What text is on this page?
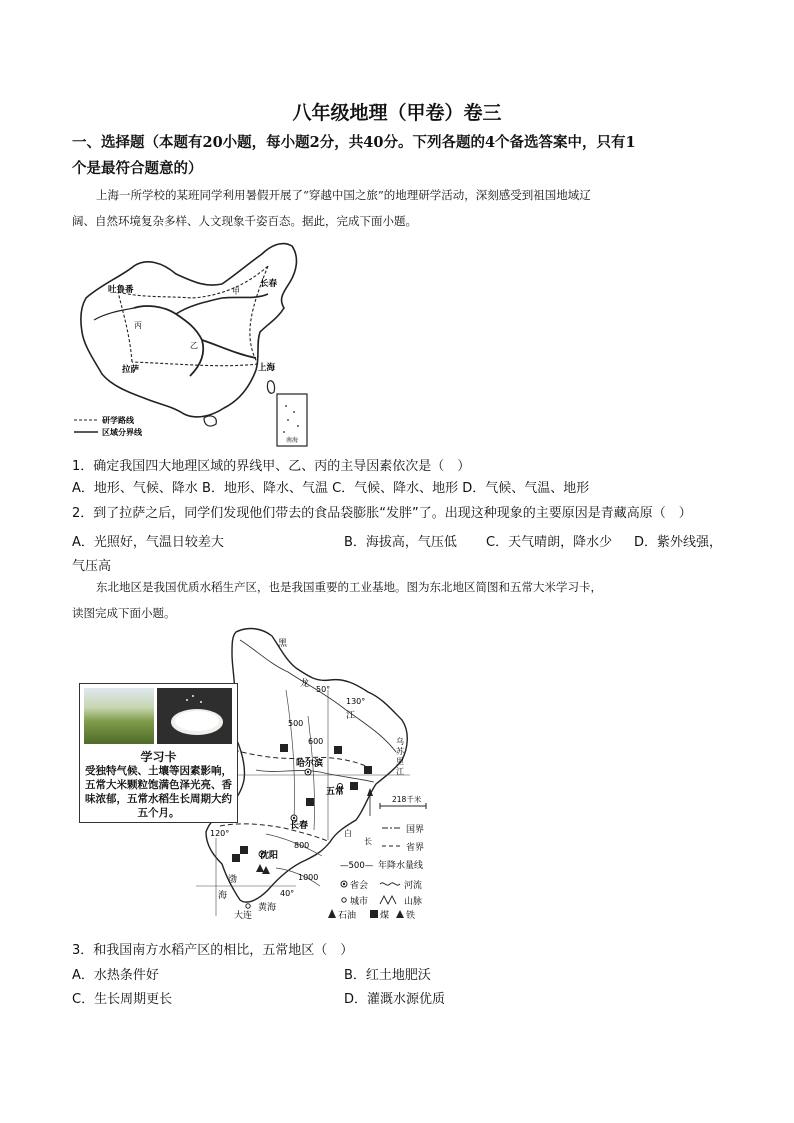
八年级地理（甲卷）卷三
一、选择题（本题有20小题，每小题2分，共40分。下列各题的4个备选答案中，只有1
个是最符合题意的）
上海一所学校的某班同学利用暑假开展了“穿越中国之旅”的地理研学活动，深刻感受到祖国地域辽
阔、自然环境复杂多样、人文现象千姿百态。据此，完成下面小题。
南海
吐鲁番
丙
乙
甲
长春
拉萨	上海
研学路线
区域分界线
1．确定我国四大地理区域的界线甲、乙、丙的主导因素依次是（　）
A．地形、气候、降水 B．地形、降水、气温 C．气候、降水、地形 D．气候、气温、地形
2．到了拉萨之后，同学们发现他们带去的食品袋膨胀“发胖”了。出现这种现象的主要原因是青藏高原（　）
A．光照好，气温日较差大	B．海拔高，气压低 C．天气晴朗，降水少 D．紫外线强，
气压高
东北地区是我国优质水稻生产区，也是我国重要的工业基地。图为东北地区简图和五常大米学习卡，
读图完成下面小题。
黑
龙
江
乌
苏
里
江
50°
130°
120°
40°
500
600
800
1000
哈尔滨
五常
长春
沈阳
大连
渤
海
黄海
白
长
218千米
国界
省界
—500— 年降水量线
省会	河流
城市	山脉
石油	煤 铁
学习卡
受独特气候、土壤等因素影响，五常大米颗粒饱满色泽光亮、香味浓郁，五常水稻生长周期大约五个月。
3．和我国南方水稻产区的相比，五常地区（　）
A．水热条件好	B．红土地肥沃
C．生长周期更长	D．灌溉水源优质
